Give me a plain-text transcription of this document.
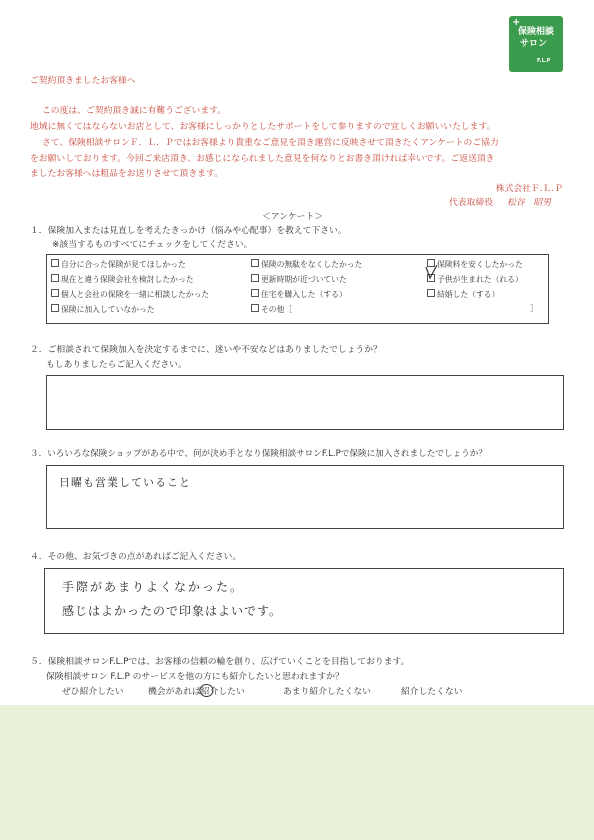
+
保険相談
サロン
F.L.P
ご契約頂きましたお客様へ
この度は、ご契約頂き誠に有難うございます。
地域に無くてはならないお店として、お客様にしっかりとしたサポートをして参りますので宜しくお願いいたします。
さて、保険相談サロンＦ．Ｌ．Ｐではお客様より貴重なご意見を頂き運営に反映させて頂きたくアンケートのご協力
をお願いしております。今回ご来店頂き、お感じになられました意見を何なりとお書き頂ければ幸いです。ご返送頂き
ましたお客様へは粗品をお送りさせて頂きます。
株式会社Ｆ.Ｌ.Ｐ
代表取締役 松谷　昭男
＜アンケート＞
１．保険加入または見直しを考えたきっかけ（悩みや心配事）を教えて下さい。
※該当するものすべてにチェックをしてください。
自分に合った保険が見てほしかった	保険の無駄をなくしたかった	保険料を安くしたかった
現在と違う保険会社を検討したかった	更新時期が近づいていた	子供が生まれた（れる）
個人と会社の保険を一緒に相談したかった	住宅を購入した（する）	結婚した（する）
保険に加入していなかった	その他［	］
２．ご相談されて保険加入を決定するまでに、迷いや不安などはありましたでしょうか？
もしありましたらご記入ください。
３．いろいろな保険ショップがある中で、何が決め手となり保険相談サロンF.L.Pで保険に加入されましたでしょうか？
日曜も営業していること
４．その他、お気づきの点があればご記入ください。
手際があまりよくなかった。
感じはよかったので印象はよいです。
５．保険相談サロンF.L.Pでは、お客様の信頼の輪を創り、広げていくことを目指しております。
保険相談サロン F.L.P のサービスを他の方にも紹介したいと思われますか？
ぜひ紹介したい	機会があれば紹介したい	あまり紹介したくない	紹介したくない
